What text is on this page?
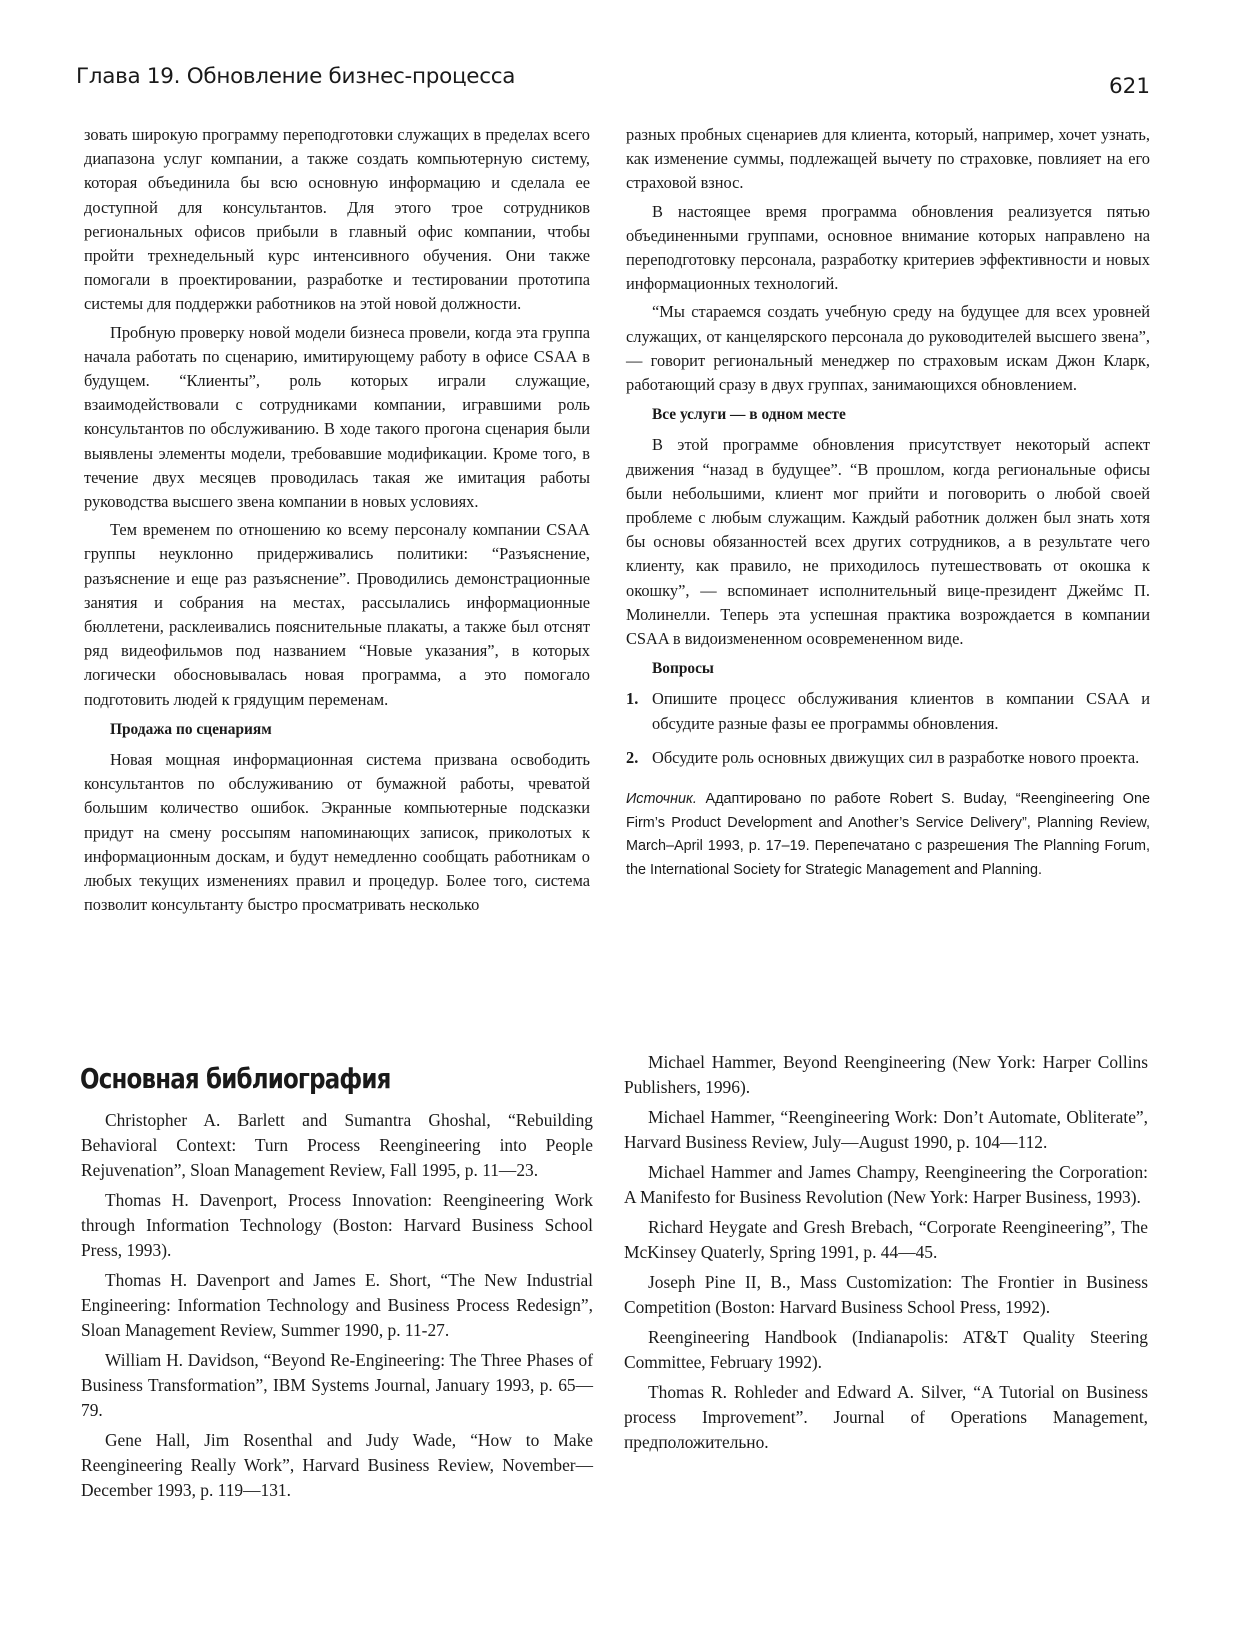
Глава 19. Обновление бизнес-процесса	621

зовать широкую программу переподготовки служащих в пределах всего диапазона услуг компании, а также создать компьютерную систему, которая объединила бы всю основную информацию и сделала ее доступной для консультантов. Для этого трое сотрудников региональных офисов прибыли в главный офис компании, чтобы пройти трехнедельный курс интенсивного обучения. Они также помогали в проектировании, разработке и тестировании прототипа системы для поддержки работников на этой новой должности.

Пробную проверку новой модели бизнеса провели, когда эта группа начала работать по сценарию, имитирующему работу в офисе CSAA в будущем. “Клиенты”, роль которых играли служащие, взаимодействовали с сотрудниками компании, игравшими роль консультантов по обслуживанию. В ходе такого прогона сценария были выявлены элементы модели, требовавшие модификации. Кроме того, в течение двух месяцев проводилась такая же имитация работы руководства высшего звена компании в новых условиях.

Тем временем по отношению ко всему персоналу компании CSAA группы неуклонно придерживались политики: “Разъяснение, разъяснение и еще раз разъяснение”. Проводились демонстрационные занятия и собрания на местах, рассылались информационные бюллетени, расклеивались пояснительные плакаты, а также был отснят ряд видеофильмов под названием “Новые указания”, в которых логически обосновывалась новая программа, а это помогало подготовить людей к грядущим переменам.

Продажа по сценариям

Новая мощная информационная система призвана освободить консультантов по обслуживанию от бумажной работы, чреватой большим количество ошибок. Экранные компьютерные подсказки придут на смену россыпям напоминающих записок, приколотых к информационным доскам, и будут немедленно сообщать работникам о любых текущих изменениях правил и процедур. Более того, система позволит консультанту быстро просматривать несколько

разных пробных сценариев для клиента, который, например, хочет узнать, как изменение суммы, подлежащей вычету по страховке, повлияет на его страховой взнос.

В настоящее время программа обновления реализуется пятью объединенными группами, основное внимание которых направлено на переподготовку персонала, разработку критериев эффективности и новых информационных технологий.

“Мы стараемся создать учебную среду на будущее для всех уровней служащих, от канцелярского персонала до руководителей высшего звена”, — говорит региональный менеджер по страховым искам Джон Кларк, работающий сразу в двух группах, занимающихся обновлением.

Все услуги — в одном месте

В этой программе обновления присутствует некоторый аспект движения “назад в будущее”. “В прошлом, когда региональные офисы были небольшими, клиент мог прийти и поговорить о любой своей проблеме с любым служащим. Каждый работник должен был знать хотя бы основы обязанностей всех других сотрудников, а в результате чего клиенту, как правило, не приходилось путешествовать от окошка к окошку”, — вспоминает исполнительный вице-президент Джеймс П. Молинелли. Теперь эта успешная практика возрождается в компании CSAA в видоизмененном осовремененном виде.

Вопросы
1. Опишите процесс обслуживания клиентов в компании CSAA и обсудите разные фазы ее программы обновления.
2. Обсудите роль основных движущих сил в разработке нового проекта.
Источник. Адаптировано по работе Robert S. Buday, “Reengineering One Firm’s Product Development and Another’s Service Delivery”, Planning Review, March–April 1993, p. 17–19. Перепечатано с разрешения The Planning Forum, the International Society for Strategic Management and Planning.
Основная библиография

Christopher A. Barlett and Sumantra Ghoshal, “Rebuilding Behavioral Context: Turn Process Reengineering into People Rejuvenation”, Sloan Management Review, Fall 1995, p. 11—23.

Thomas H. Davenport, Process Innovation: Reengineering Work through Information Technology (Boston: Harvard Business School Press, 1993).

Thomas H. Davenport and James E. Short, “The New Industrial Engineering: Information Technology and Business Process Redesign”, Sloan Management Review, Summer 1990, p. 11-27.

William H. Davidson, “Beyond Re-Engineering: The Three Phases of Business Transformation”, IBM Systems Journal, January 1993, p. 65—79.

Gene Hall, Jim Rosenthal and Judy Wade, “How to Make Reengineering Really Work”, Harvard Business Review, November—December 1993, p. 119—131.

Michael Hammer, Beyond Reengineering (New York: Harper Collins Publishers, 1996).

Michael Hammer, “Reengineering Work: Don’t Automate, Obliterate”, Harvard Business Review, July—August 1990, p. 104—112.

Michael Hammer and James Champy, Reengineering the Corporation: A Manifesto for Business Revolution (New York: Harper Business, 1993).

Richard Heygate and Gresh Brebach, “Corporate Reengineering”, The McKinsey Quaterly, Spring 1991, p. 44—45.

Joseph Pine II, B., Mass Customization: The Frontier in Business Competition (Boston: Harvard Business School Press, 1992).

Reengineering Handbook (Indianapolis: AT&T Quality Steering Committee, February 1992).

Thomas R. Rohleder and Edward A. Silver, “A Tutorial on Business process Improvement”. Journal of Operations Management, предположительно.
